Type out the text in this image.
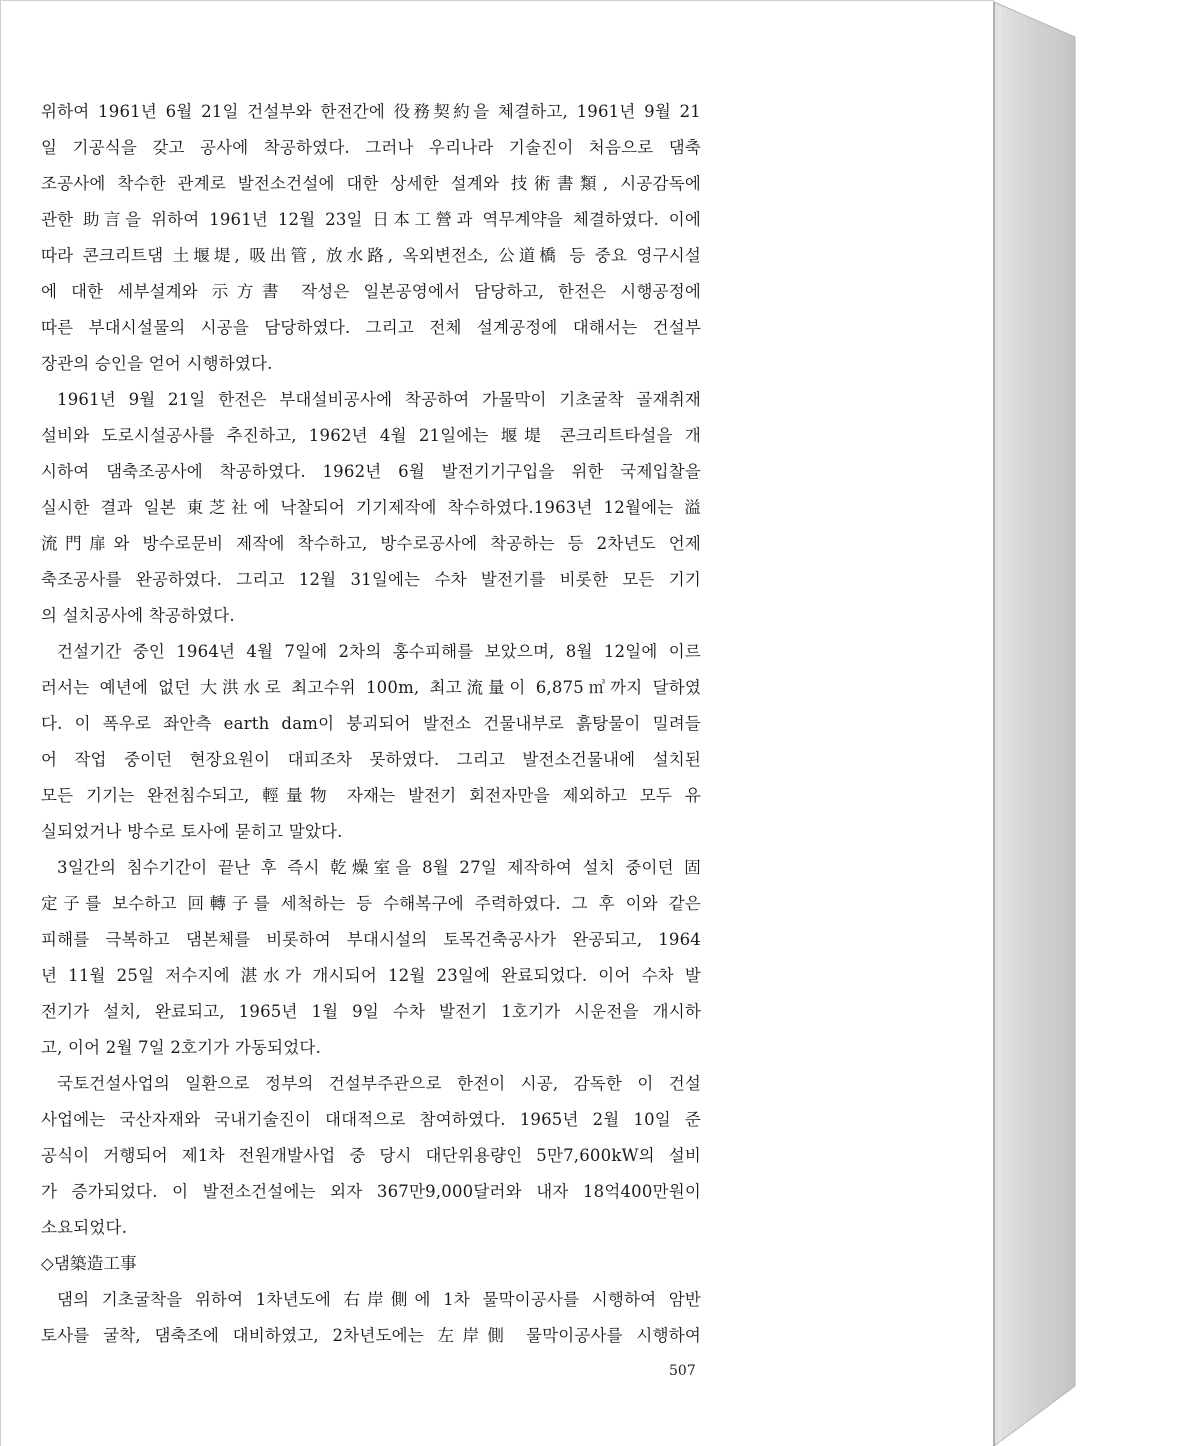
위하여 1961년 6월 21일 건설부와 한전간에 役務契約을 체결하고, 1961년 9월 21
일 기공식을 갖고 공사에 착공하였다. 그러나 우리나라 기술진이 처음으로 댐축
조공사에 착수한 관계로 발전소건설에 대한 상세한 설계와 技術書類, 시공감독에
관한 助言을 위하여 1961년 12월 23일 日本工營과 역무계약을 체결하였다. 이에
따라 콘크리트댐 土堰堤, 吸出管, 放水路, 옥외변전소, 公道橋 등 중요 영구시설
에 대한 세부설계와 示方書 작성은 일본공영에서 담당하고, 한전은 시행공정에
따른 부대시설물의 시공을 담당하였다. 그리고 전체 설계공정에 대해서는 건설부
장관의 승인을 얻어 시행하였다.
1961년 9월 21일 한전은 부대설비공사에 착공하여 가물막이 기초굴착 골재취재
설비와 도로시설공사를 추진하고, 1962년 4월 21일에는 堰堤 콘크리트타설을 개
시하여 댐축조공사에 착공하였다. 1962년 6월 발전기기구입을 위한 국제입찰을
실시한 결과 일본 東芝社에 낙찰되어 기기제작에 착수하였다.1963년 12월에는 溢
流門扉와 방수로문비 제작에 착수하고, 방수로공사에 착공하는 등 2차년도 언제
축조공사를 완공하였다. 그리고 12월 31일에는 수차 발전기를 비롯한 모든 기기
의 설치공사에 착공하였다.
건설기간 중인 1964년 4월 7일에 2차의 홍수피해를 보았으며, 8월 12일에 이르
러서는 예년에 없던 大洪水로 최고수위 100m, 최고流量이 6,875㎥까지 달하였
다. 이 폭우로 좌안측 earth dam이 붕괴되어 발전소 건물내부로 흙탕물이 밀려들
어 작업 중이던 현장요원이 대피조차 못하였다. 그리고 발전소건물내에 설치된
모든 기기는 완전침수되고, 輕量物 자재는 발전기 회전자만을 제외하고 모두 유
실되었거나 방수로 토사에 묻히고 말았다.
3일간의 침수기간이 끝난 후 즉시 乾燥室을 8월 27일 제작하여 설치 중이던 固
定子를 보수하고 回轉子를 세척하는 등 수해복구에 주력하였다. 그 후 이와 같은
피해를 극복하고 댐본체를 비롯하여 부대시설의 토목건축공사가 완공되고, 1964
년 11월 25일 저수지에 湛水가 개시되어 12월 23일에 완료되었다. 이어 수차 발
전기가 설치, 완료되고, 1965년 1월 9일 수차 발전기 1호기가 시운전을 개시하
고, 이어 2월 7일 2호기가 가동되었다.
국토건설사업의 일환으로 정부의 건설부주관으로 한전이 시공, 감독한 이 건설
사업에는 국산자재와 국내기술진이 대대적으로 참여하였다. 1965년 2월 10일 준
공식이 거행되어 제1차 전원개발사업 중 당시 대단위용량인 5만7,600kW의 설비
가 증가되었다. 이 발전소건설에는 외자 367만9,000달러와 내자 18억400만원이
소요되었다.
◇댐築造工事
댐의 기초굴착을 위하여 1차년도에 右岸側에 1차 물막이공사를 시행하여 암반
토사를 굴착, 댐축조에 대비하였고, 2차년도에는 左岸側 물막이공사를 시행하여
507
